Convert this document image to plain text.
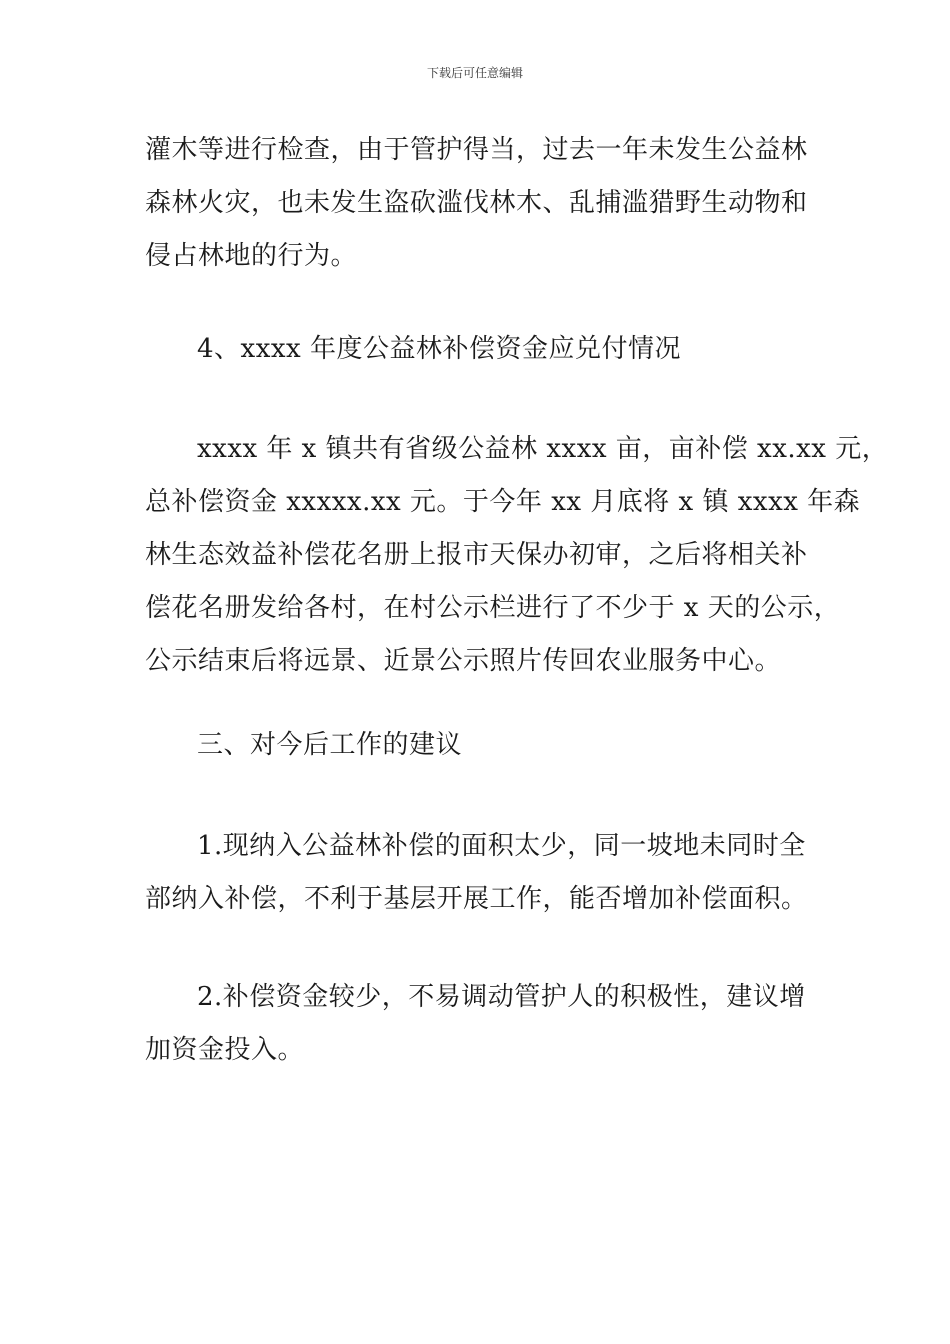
下载后可任意编辑
灌木等进行检查，由于管护得当，过去一年未发生公益林
森林火灾，也未发生盗砍滥伐林木、乱捕滥猎野生动物和
侵占林地的行为。
4、xxxx 年度公益林补偿资金应兑付情况
xxxx 年 x 镇共有省级公益林 xxxx 亩，亩补偿 xx.xx 元，
总补偿资金 xxxxx.xx 元。于今年 xx 月底将 x 镇 xxxx 年森
林生态效益补偿花名册上报市天保办初审，之后将相关补
偿花名册发给各村，在村公示栏进行了不少于 x 天的公示，
公示结束后将远景、近景公示照片传回农业服务中心。
三、对今后工作的建议
1.现纳入公益林补偿的面积太少，同一坡地未同时全
部纳入补偿，不利于基层开展工作，能否增加补偿面积。
2.补偿资金较少，不易调动管护人的积极性，建议增
加资金投入。
